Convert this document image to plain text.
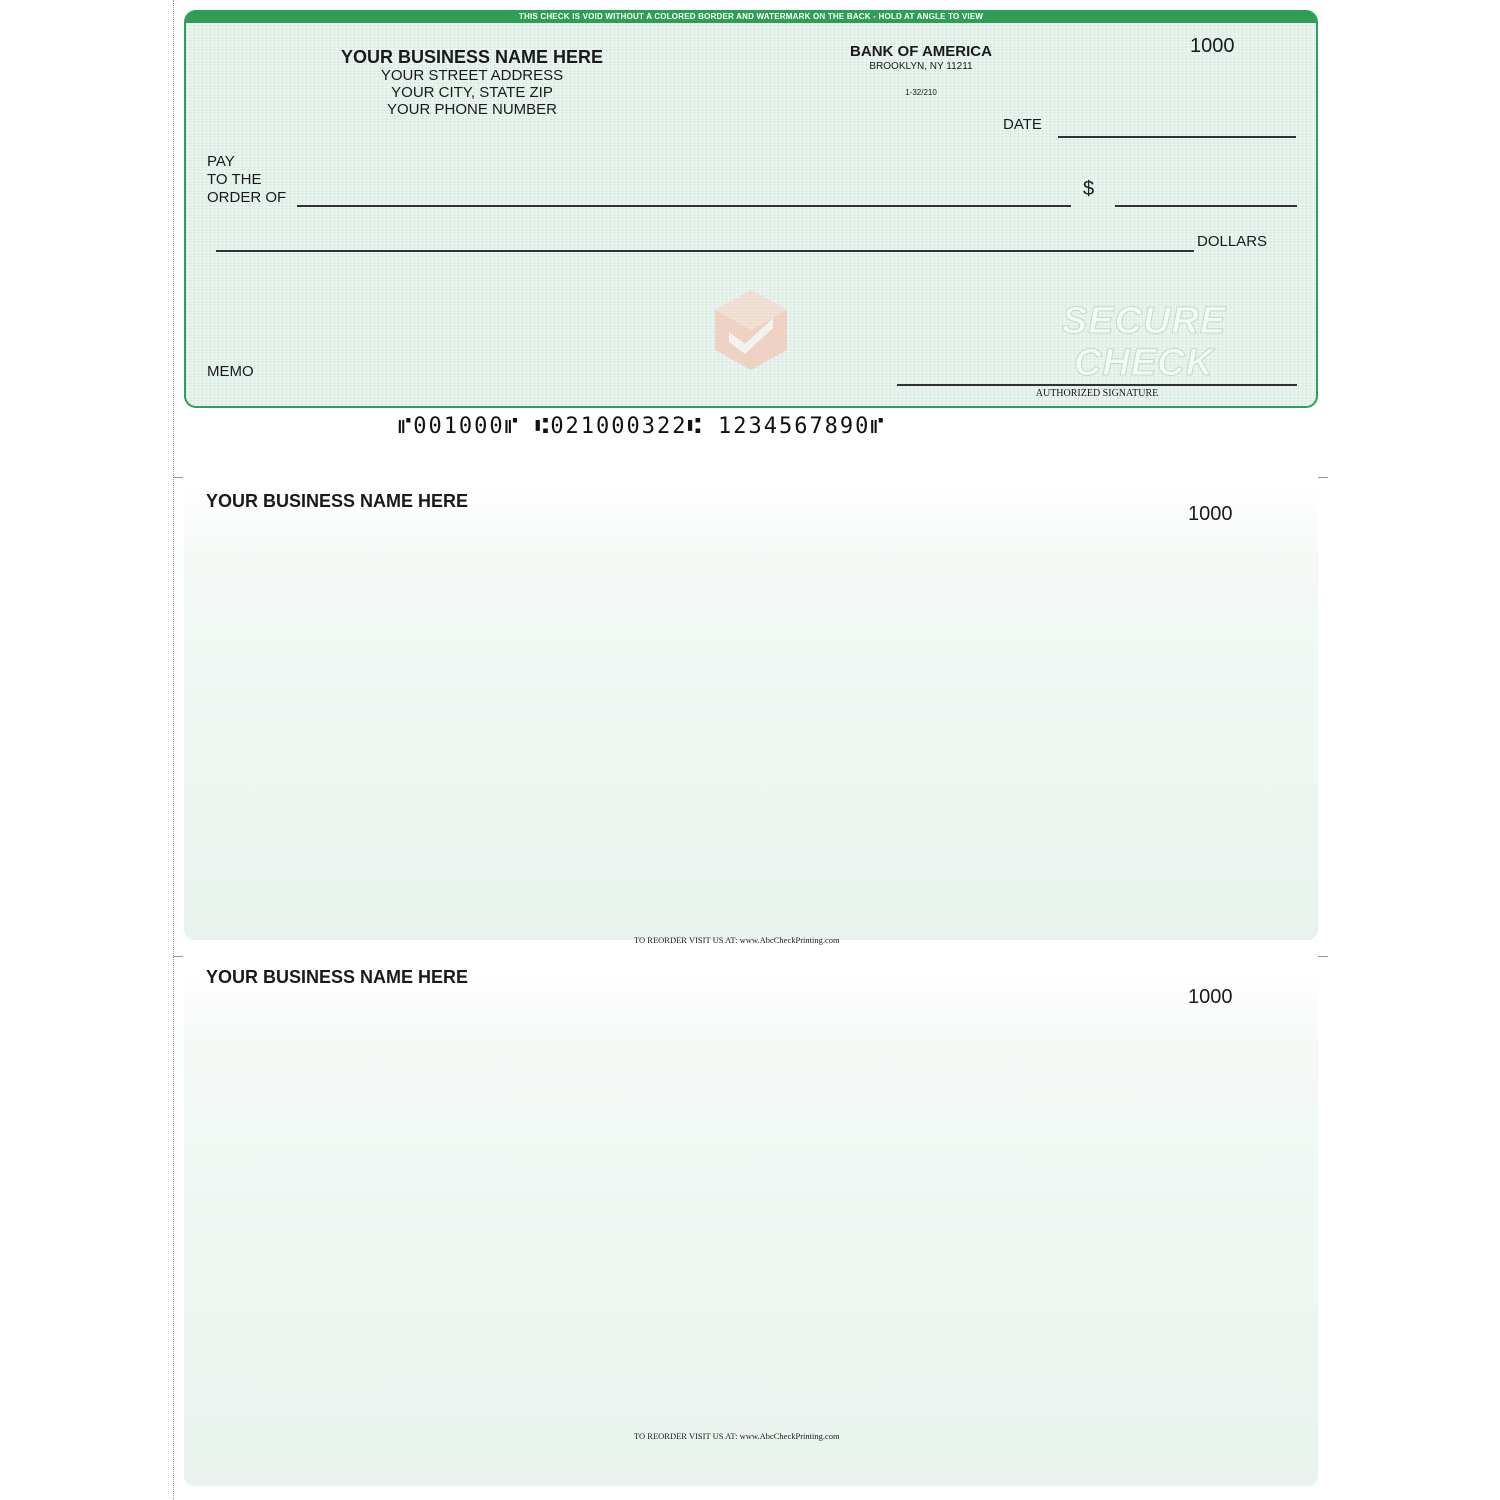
THIS CHECK IS VOID WITHOUT A COLORED BORDER AND WATERMARK ON THE BACK - HOLD AT ANGLE TO VIEW
YOUR BUSINESS NAME HERE
YOUR STREET ADDRESS
YOUR CITY, STATE ZIP
YOUR PHONE NUMBER
BANK OF AMERICA
BROOKLYN, NY 11211
1-32/210
1000
DATE
PAY
TO THE
ORDER OF	$
DOLLARS
SECURE
CHECK
MEMO
AUTHORIZED SIGNATURE
⑈001000⑈ ⑆021000322⑆ 1234567890⑈
YOUR BUSINESS NAME HERE
1000
TO REORDER VISIT US AT: www.AbcCheckPrinting.com
YOUR BUSINESS NAME HERE
1000
TO REORDER VISIT US AT: www.AbcCheckPrinting.com
